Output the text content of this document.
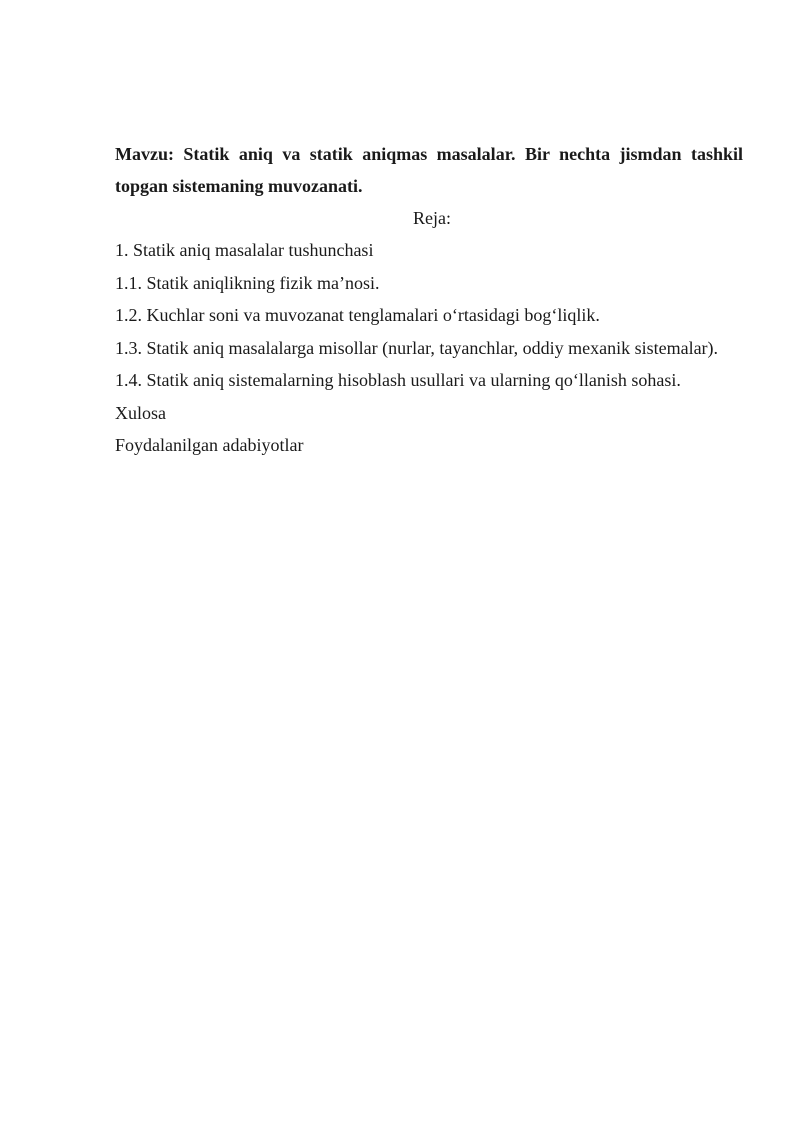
Mavzu: Statik aniq va statik aniqmas masalalar. Bir nechta jismdan tashkil topgan sistemaning muvozanati.

Reja:

1. Statik aniq masalalar tushunchasi
1.1. Statik aniqlikning fizik ma’nosi.
1.2. Kuchlar soni va muvozanat tenglamalari o‘rtasidagi bog‘liqlik.
1.3. Statik aniq masalalarga misollar (nurlar, tayanchlar, oddiy mexanik sistemalar).
1.4. Statik aniq sistemalarning hisoblash usullari va ularning qo‘llanish sohasi.
Xulosa
Foydalanilgan adabiyotlar
